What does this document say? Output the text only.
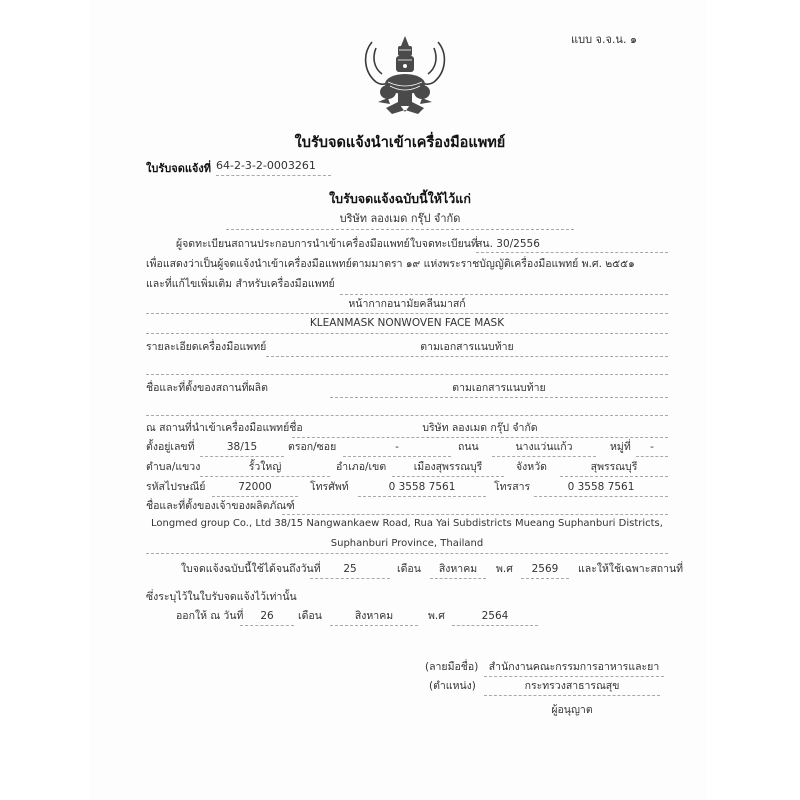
แบบ จ.จ.น. ๑
ใบรับจดแจ้งนำเข้าเครื่องมือแพทย์
ใบรับจดแจ้งที่ 64-2-3-2-0003261
ใบรับจดแจ้งฉบับนี้ให้ไว้แก่
บริษัท ลองเมด กรุ๊ป จำกัด
ผู้จดทะเบียนสถานประกอบการนำเข้าเครื่องมือแพทย์ ใบจดทะเบียนที่
สน. 30/2556
เพื่อแสดงว่าเป็นผู้จดแจ้งนำเข้าเครื่องมือแพทย์ตามมาตรา ๑๙ แห่งพระราชบัญญัติเครื่องมือแพทย์ พ.ศ. ๒๕๕๑
และที่แก้ไขเพิ่มเติม สำหรับเครื่องมือแพทย์
หน้ากากอนามัยคลีนมาสก์
KLEANMASK NONWOVEN FACE MASK
รายละเอียดเครื่องมือแพทย์	ตามเอกสารแนบท้าย
ชื่อและที่ตั้งของสถานที่ผลิต	ตามเอกสารแนบท้าย
ณ สถานที่นำเข้าเครื่องมือแพทย์ชื่อ	บริษัท ลองเมด กรุ๊ป จำกัด
ตั้งอยู่เลขที่	38/15	ตรอก/ซอย	-	ถนน	นางแว่นแก้ว	หมู่ที่	-
ตำบล/แขวง	รั้วใหญ่	อำเภอ/เขต	เมืองสุพรรณบุรี	จังหวัด	สุพรรณบุรี
รหัสไปรษณีย์	72000	โทรศัพท์	0 3558 7561	โทรสาร	0 3558 7561
ชื่อและที่ตั้งของเจ้าของผลิตภัณฑ์
Longmed group Co., Ltd 38/15 Nangwankaew Road, Rua Yai Subdistricts Mueang Suphanburi Districts,
Suphanburi Province, Thailand
ใบจดแจ้งฉบับนี้ใช้ได้จนถึงวันที่	25	เดือน	สิงหาคม	พ.ศ	2569	และให้ใช้เฉพาะสถานที่
ซึ่งระบุไว้ในใบรับจดแจ้งไว้เท่านั้น
ออกให้ ณ วันที่	26	เดือน	สิงหาคม	พ.ศ	2564
(ลายมือชื่อ) สำนักงานคณะกรรมการอาหารและยา
(ตำแหน่ง)	กระทรวงสาธารณสุข
ผู้อนุญาต
